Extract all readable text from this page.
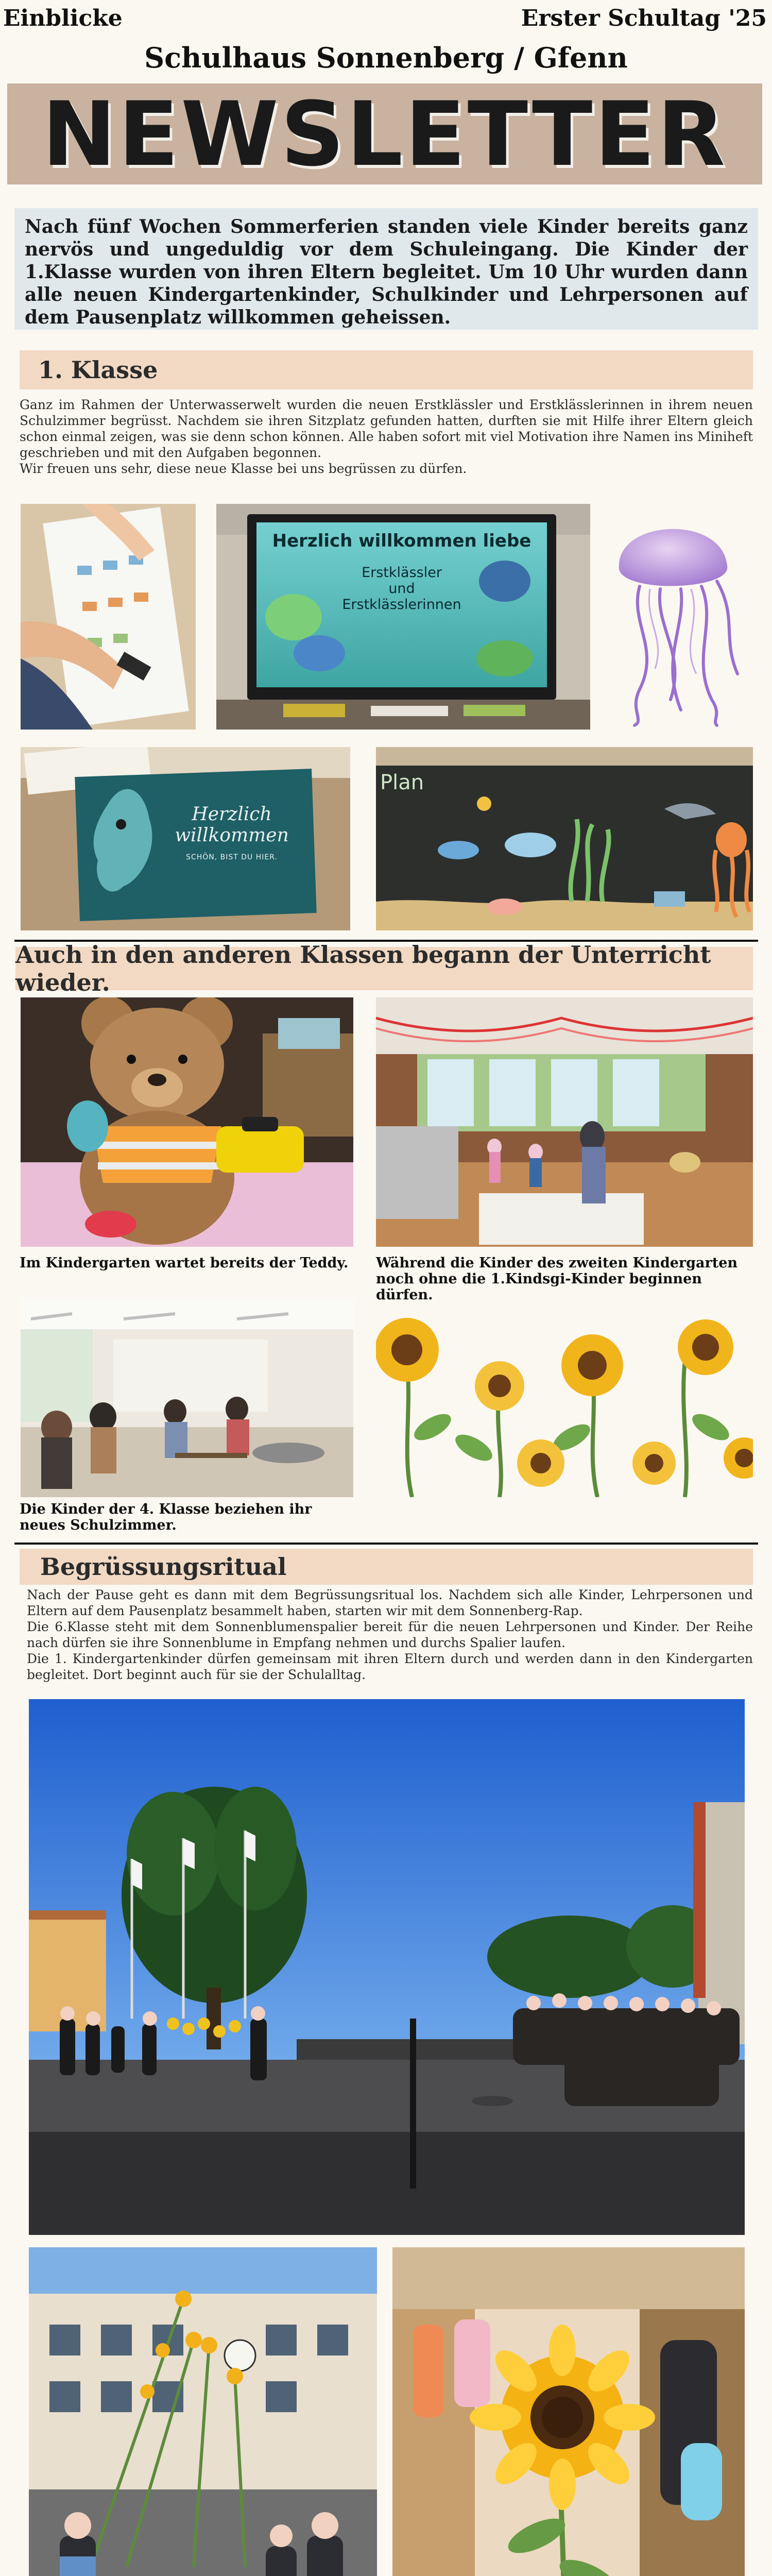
Einblicke	Erster Schultag '25
Schulhaus Sonnenberg / Gfenn
NEWSLETTER

Nach fünf Wochen Sommerferien standen viele Kinder bereits ganz nervös und ungeduldig vor dem Schuleingang. Die Kinder der 1.Klasse wurden von ihren Eltern begleitet. Um 10 Uhr wurden dann alle neuen Kindergartenkinder, Schulkinder und Lehrpersonen auf dem Pausenplatz willkommen geheissen.

1. Klasse

Ganz im Rahmen der Unterwasserwelt wurden die neuen Erstklässler und Erstklässlerinnen in ihrem neuen Schulzimmer begrüsst. Nachdem sie ihren Sitzplatz gefunden hatten, durften sie mit Hilfe ihrer Eltern gleich schon einmal zeigen, was sie denn schon können. Alle haben sofort mit viel Motivation ihre Namen ins Miniheft geschrieben und mit den Aufgaben begonnen.

Wir freuen uns sehr, diese neue Klasse bei uns begrüssen zu dürfen.

Herzlich willkommen liebe
Erstklässler
und
Erstklässlerinnen
Herzlich
willkommen
SCHÖN, BIST DU HIER.
Plan
Auch in den anderen Klassen begann der Unterricht wieder.
Im Kindergarten wartet bereits der Teddy.	Während die Kinder des zweiten Kindergarten noch ohne die 1.Kindsgi-Kinder beginnen dürfen.
Die Kinder der 4. Klasse beziehen ihr neues Schulzimmer.
Begrüssungsritual

Nach der Pause geht es dann mit dem Begrüssungsritual los. Nachdem sich alle Kinder, Lehrpersonen und Eltern auf dem Pausenplatz besammelt haben, starten wir mit dem Sonnenberg-Rap.

Die 6.Klasse steht mit dem Sonnenblumenspalier bereit für die neuen Lehrpersonen und Kinder. Der Reihe nach dürfen sie ihre Sonnenblume in Empfang nehmen und durchs Spalier laufen.

Die 1. Kindergartenkinder dürfen gemeinsam mit ihren Eltern durch und werden dann in den Kindergarten begleitet. Dort beginnt auch für sie der Schulalltag.
